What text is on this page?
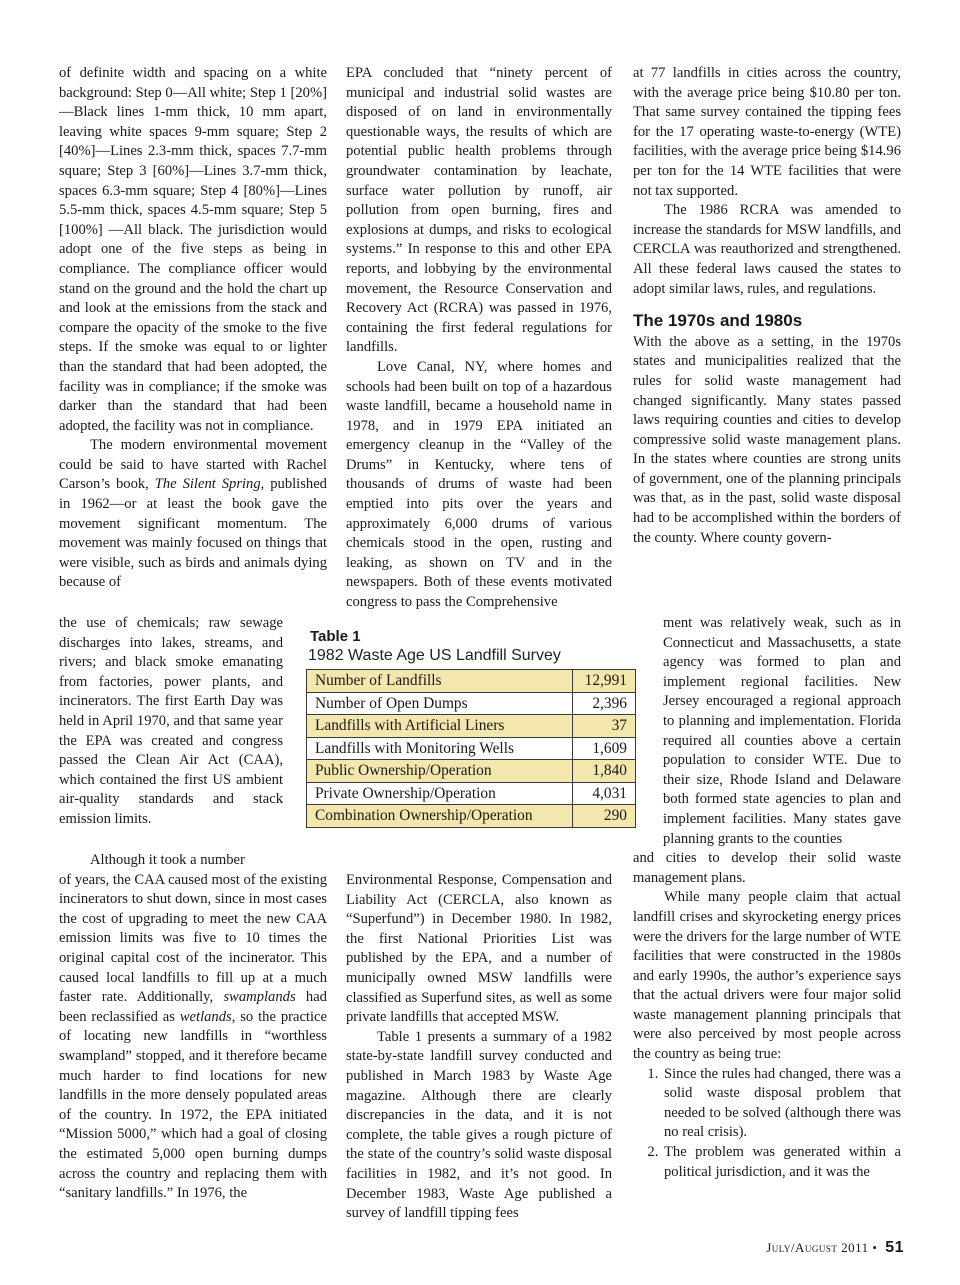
of definite width and spacing on a white background: Step 0—All white; Step 1 [20%]—Black lines 1-mm thick, 10 mm apart, leaving white spaces 9-mm square; Step 2 [40%]—Lines 2.3-mm thick, spaces 7.7-mm square; Step 3 [60%]—Lines 3.7-mm thick, spaces 6.3-mm square; Step 4 [80%]—Lines 5.5-mm thick, spaces 4.5-mm square; Step 5 [100%] —All black. The jurisdiction would adopt one of the five steps as being in compliance. The compliance officer would stand on the ground and the hold the chart up and look at the emissions from the stack and compare the opacity of the smoke to the five steps. If the smoke was equal to or lighter than the standard that had been adopted, the facility was in compliance; if the smoke was darker than the standard that had been adopted, the facility was not in compliance.

The modern environmental movement could be said to have started with Rachel Carson’s book, The Silent Spring, published in 1962—or at least the book gave the movement significant momentum. The movement was mainly focused on things that were visible, such as birds and animals dying because of

the use of chemicals; raw sewage discharges into lakes, streams, and rivers; and black smoke emanating from factories, power plants, and incinerators. The first Earth Day was held in April 1970, and that same year the EPA was created and congress passed the Clean Air Act (CAA), which contained the first US ambient air-quality standards and stack emission limits.

Although it took a number

of years, the CAA caused most of the existing incinerators to shut down, since in most cases the cost of upgrading to meet the new CAA emission limits was five to 10 times the original capital cost of the incinerator. This caused local landfills to fill up at a much faster rate. Additionally, swamplands had been reclassified as wetlands, so the practice of locating new landfills in “worthless swampland” stopped, and it therefore became much harder to find locations for new landfills in the more densely populated areas of the country. In 1972, the EPA initiated “Mission 5000,” which had a goal of closing the estimated 5,000 open burning dumps across the country and replacing them with “sanitary landfills.” In 1976, the

EPA concluded that “ninety percent of municipal and industrial solid wastes are disposed of on land in environmentally questionable ways, the results of which are potential public health problems through groundwater contamination by leachate, surface water pollution by runoff, air pollution from open burning, fires and explosions at dumps, and risks to ecological systems.” In response to this and other EPA reports, and lobbying by the environmental movement, the Resource Conservation and Recovery Act (RCRA) was passed in 1976, containing the first federal regulations for landfills.

Love Canal, NY, where homes and schools had been built on top of a hazardous waste landfill, became a household name in 1978, and in 1979 EPA initiated an emergency cleanup in the “Valley of the Drums” in Kentucky, where tens of thousands of drums of waste had been emptied into pits over the years and approximately 6,000 drums of various chemicals stood in the open, rusting and leaking, as shown on TV and in the newspapers. Both of these events motivated congress to pass the Comprehensive

Table 1
1982 Waste Age US Landfill Survey
Number of Landfills	12,991
Number of Open Dumps	2,396
Landfills with Artificial Liners	37
Landfills with Monitoring Wells	1,609
Public Ownership/Operation	1,840
Private Ownership/Operation	4,031
Combination Ownership/Operation	290

Environmental Response, Compensation and Liability Act (CERCLA, also known as “Superfund”) in December 1980. In 1982, the first National Priorities List was published by the EPA, and a number of municipally owned MSW landfills were classified as Superfund sites, as well as some private landfills that accepted MSW.

Table 1 presents a summary of a 1982 state-by-state landfill survey conducted and published in March 1983 by Waste Age magazine. Although there are clearly discrepancies in the data, and it is not complete, the table gives a rough picture of the state of the country’s solid waste disposal facilities in 1982, and it’s not good. In December 1983, Waste Age published a survey of landfill tipping fees

at 77 landfills in cities across the country, with the average price being $10.80 per ton. That same survey contained the tipping fees for the 17 operating waste-to-energy (WTE) facilities, with the average price being $14.96 per ton for the 14 WTE facilities that were not tax supported.

The 1986 RCRA was amended to increase the standards for MSW landfills, and CERCLA was reauthorized and strengthened. All these federal laws caused the states to adopt similar laws, rules, and regulations.

The 1970s and 1980s

With the above as a setting, in the 1970s states and municipalities realized that the rules for solid waste management had changed significantly. Many states passed laws requiring counties and cities to develop compressive solid waste management plans. In the states where counties are strong units of government, one of the planning principals was that, as in the past, solid waste disposal had to be accomplished within the borders of the county. Where county govern-

ment was relatively weak, such as in Connecticut and Massachusetts, a state agency was formed to plan and implement regional facilities. New Jersey encouraged a regional approach to planning and implementation. Florida required all counties above a certain population to consider WTE. Due to their size, Rhode Island and Delaware both formed state agencies to plan and implement facilities. Many states gave planning grants to the counties

and cities to develop their solid waste management plans.

While many people claim that actual landfill crises and skyrocketing energy prices were the drivers for the large number of WTE facilities that were constructed in the 1980s and early 1990s, the author’s experience says that the actual drivers were four major solid waste management planning principals that were also perceived by most people across the country as being true:

1. Since the rules had changed, there was a solid waste disposal problem that needed to be solved (although there was no real crisis).
2. The problem was generated within a political jurisdiction, and it was the
July/August 2011 • 51
